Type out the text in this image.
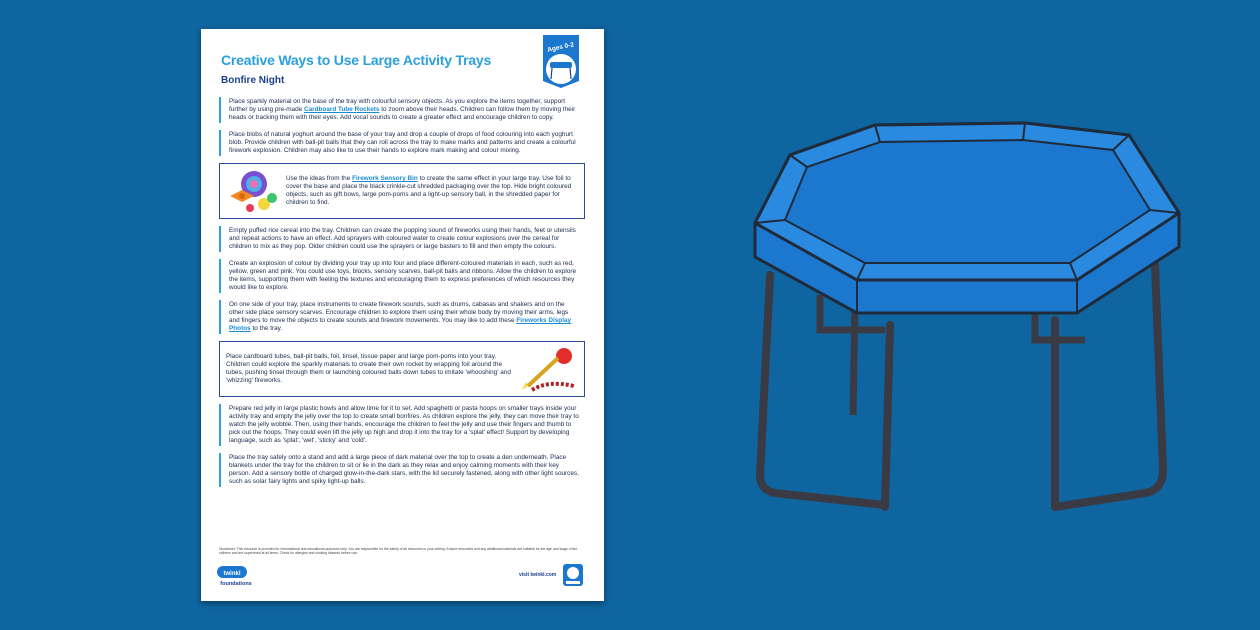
Creative Ways to Use Large Activity Trays
Bonfire Night
Ages 0-2
Place sparkly material on the base of the tray with colourful sensory objects. As you explore the items together, support further by using pre-made Cardboard Tube Rockets to zoom above their heads. Children can follow them by moving their heads or tracking them with their eyes. Add vocal sounds to create a greater effect and encourage children to copy.
Place blobs of natural yoghurt around the base of your tray and drop a couple of drops of food colouring into each yoghurt blob. Provide children with ball-pit balls that they can roll across the tray to make marks and patterns and create a colourful firework explosion. Children may also like to use their hands to explore mark making and colour mixing.
Use the ideas from the Firework Sensory Bin to create the same effect in your large tray. Use foil to cover the base and place the black crinkle-cut shredded packaging over the top. Hide bright coloured objects, such as gift bows, large pom-poms and a light-up sensory ball, in the shredded paper for children to find.
Empty puffed rice cereal into the tray. Children can create the popping sound of fireworks using their hands, feet or utensils and repeat actions to have an effect. Add sprayers with coloured water to create colour explosions over the cereal for children to mix as they pop. Older children could use the sprayers or large basters to fill and then empty the colours.
Create an explosion of colour by dividing your tray up into four and place different-coloured materials in each, such as red, yellow, green and pink. You could use toys, blocks, sensory scarves, ball-pit balls and ribbons. Allow the children to explore the items, supporting them with feeling the textures and encouraging them to express preferences of which resources they would like to explore.
On one side of your tray, place instruments to create firework sounds, such as drums, cabasas and shakers and on the other side place sensory scarves. Encourage children to explore them using their whole body by moving their arms, legs and fingers to move the objects to create sounds and firework movements. You may like to add these Fireworks Display Photos to the tray.
Place cardboard tubes, ball-pit balls, foil, tinsel, tissue paper and large pom-poms into your tray. Children could explore the sparkly materials to create their own rocket by wrapping foil around the tubes, pushing tinsel through them or launching coloured balls down tubes to imitate 'whooshing' and 'whizzing' fireworks.
Prepare red jelly in large plastic bowls and allow time for it to set. Add spaghetti or pasta hoops on smaller trays inside your activity tray and empty the jelly over the top to create small bonfires. As children explore the jelly, they can move their tray to watch the jelly wobble. Then, using their hands, encourage the children to feel the jelly and use their fingers and thumb to pick out the hoops. They could even lift the jelly up high and drop it into the tray for a 'splat' effect! Support by developing language, such as 'splat', 'wet', 'sticky' and 'cold'.
Place the tray safely onto a stand and add a large piece of dark material over the top to create a den underneath. Place blankets under the tray for the children to sit or lie in the dark as they relax and enjoy calming moments with their key person. Add a sensory bottle of charged glow-in-the-dark stars, with the lid securely fastened, along with other light sources, such as solar fairy lights and spiky light-up balls.
Disclaimer: This resource is provided for informational and educational purposes only. You are responsible for the safety of all resources in your setting. Ensure resources and any additional materials are suitable for the age and stage of the children and are supervised at all times. Check for allergies and choking hazards before use.
twinkl
foundations
visit twinkl.com
